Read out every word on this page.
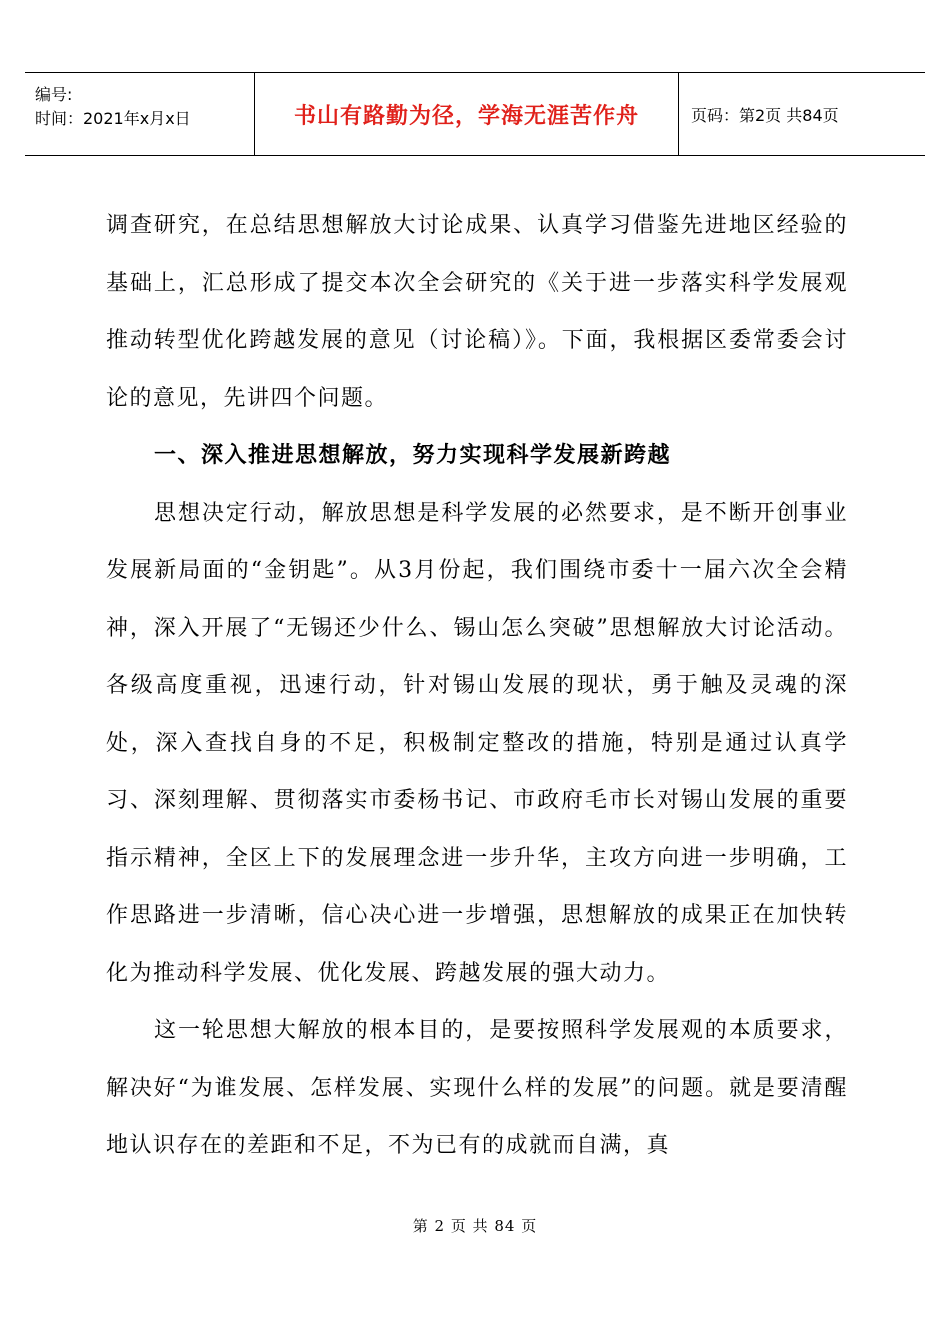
编号:
时间：2021年x月x日	书山有路勤为径，学海无涯苦作舟	页码：第2页 共84页

调查研究，在总结思想解放大讨论成果、认真学习借鉴先进地区经验的基础上，汇总形成了提交本次全会研究的《关于进一步落实科学发展观推动转型优化跨越发展的意见（讨论稿）》。下面，我根据区委常委会讨论的意见，先讲四个问题。

一、深入推进思想解放，努力实现科学发展新跨越

思想决定行动，解放思想是科学发展的必然要求，是不断开创事业发展新局面的“金钥匙”。从3月份起，我们围绕市委十一届六次全会精神，深入开展了“无锡还少什么、锡山怎么突破”思想解放大讨论活动。各级高度重视，迅速行动，针对锡山发展的现状，勇于触及灵魂的深处，深入查找自身的不足，积极制定整改的措施，特别是通过认真学习、深刻理解、贯彻落实市委杨书记、市政府毛市长对锡山发展的重要指示精神，全区上下的发展理念进一步升华，主攻方向进一步明确，工作思路进一步清晰，信心决心进一步增强，思想解放的成果正在加快转化为推动科学发展、优化发展、跨越发展的强大动力。

这一轮思想大解放的根本目的，是要按照科学发展观的本质要求，解决好“为谁发展、怎样发展、实现什么样的发展”的问题。就是要清醒地认识存在的差距和不足，不为已有的成就而自满，真

第 2 页 共 84 页
